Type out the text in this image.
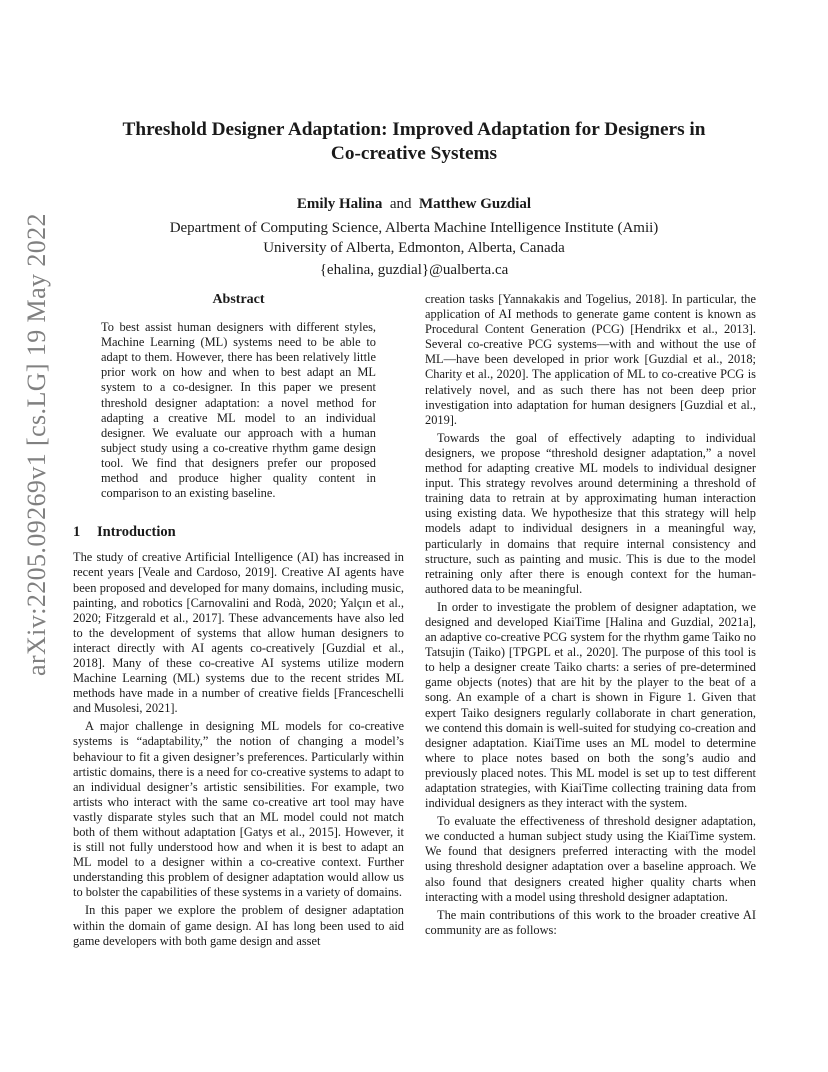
arXiv:2205.09269v1 [cs.LG] 19 May 2022
Threshold Designer Adaptation: Improved Adaptation for Designers in
Co-creative Systems
Emily Halina and Matthew Guzdial
Department of Computing Science, Alberta Machine Intelligence Institute (Amii)
University of Alberta, Edmonton, Alberta, Canada
{ehalina, guzdial}@ualberta.ca
Abstract

To best assist human designers with different styles, Machine Learning (ML) systems need to be able to adapt to them. However, there has been relatively little prior work on how and when to best adapt an ML system to a co-designer. In this paper we present threshold designer adaptation: a novel method for adapting a creative ML model to an individual designer. We evaluate our approach with a human subject study using a co-creative rhythm game design tool. We find that designers prefer our proposed method and produce higher quality content in comparison to an existing baseline.

1 Introduction

The study of creative Artificial Intelligence (AI) has increased in recent years [Veale and Cardoso, 2019]. Creative AI agents have been proposed and developed for many domains, including music, painting, and robotics [Carnovalini and Rodà, 2020; Yalçın et al., 2020; Fitzgerald et al., 2017]. These advancements have also led to the development of systems that allow human designers to interact directly with AI agents co-creatively [Guzdial et al., 2018]. Many of these co-creative AI systems utilize modern Machine Learning (ML) systems due to the recent strides ML methods have made in a number of creative fields [Franceschelli and Musolesi, 2021].

A major challenge in designing ML models for co-creative systems is “adaptability,” the notion of changing a model’s behaviour to fit a given designer’s preferences. Particularly within artistic domains, there is a need for co-creative systems to adapt to an individual designer’s artistic sensibilities. For example, two artists who interact with the same co-creative art tool may have vastly disparate styles such that an ML model could not match both of them without adaptation [Gatys et al., 2015]. However, it is still not fully understood how and when it is best to adapt an ML model to a designer within a co-creative context. Further understanding this problem of designer adaptation would allow us to bolster the capabilities of these systems in a variety of domains.

In this paper we explore the problem of designer adaptation within the domain of game design. AI has long been used to aid game developers with both game design and asset

creation tasks [Yannakakis and Togelius, 2018]. In particular, the application of AI methods to generate game content is known as Procedural Content Generation (PCG) [Hendrikx et al., 2013]. Several co-creative PCG systems—with and without the use of ML—have been developed in prior work [Guzdial et al., 2018; Charity et al., 2020]. The application of ML to co-creative PCG is relatively novel, and as such there has not been deep prior investigation into adaptation for human designers [Guzdial et al., 2019].

Towards the goal of effectively adapting to individual designers, we propose “threshold designer adaptation,” a novel method for adapting creative ML models to individual designer input. This strategy revolves around determining a threshold of training data to retrain at by approximating human interaction using existing data. We hypothesize that this strategy will help models adapt to individual designers in a meaningful way, particularly in domains that require internal consistency and structure, such as painting and music. This is due to the model retraining only after there is enough context for the human-authored data to be meaningful.

In order to investigate the problem of designer adaptation, we designed and developed KiaiTime [Halina and Guzdial, 2021a], an adaptive co-creative PCG system for the rhythm game Taiko no Tatsujin (Taiko) [TPGPL et al., 2020]. The purpose of this tool is to help a designer create Taiko charts: a series of pre-determined game objects (notes) that are hit by the player to the beat of a song. An example of a chart is shown in Figure 1. Given that expert Taiko designers regularly collaborate in chart generation, we contend this domain is well-suited for studying co-creation and designer adaptation. KiaiTime uses an ML model to determine where to place notes based on both the song’s audio and previously placed notes. This ML model is set up to test different adaptation strategies, with KiaiTime collecting training data from individual designers as they interact with the system.

To evaluate the effectiveness of threshold designer adaptation, we conducted a human subject study using the KiaiTime system. We found that designers preferred interacting with the model using threshold designer adaptation over a baseline approach. We also found that designers created higher quality charts when interacting with a model using threshold designer adaptation.

The main contributions of this work to the broader creative AI community are as follows:
